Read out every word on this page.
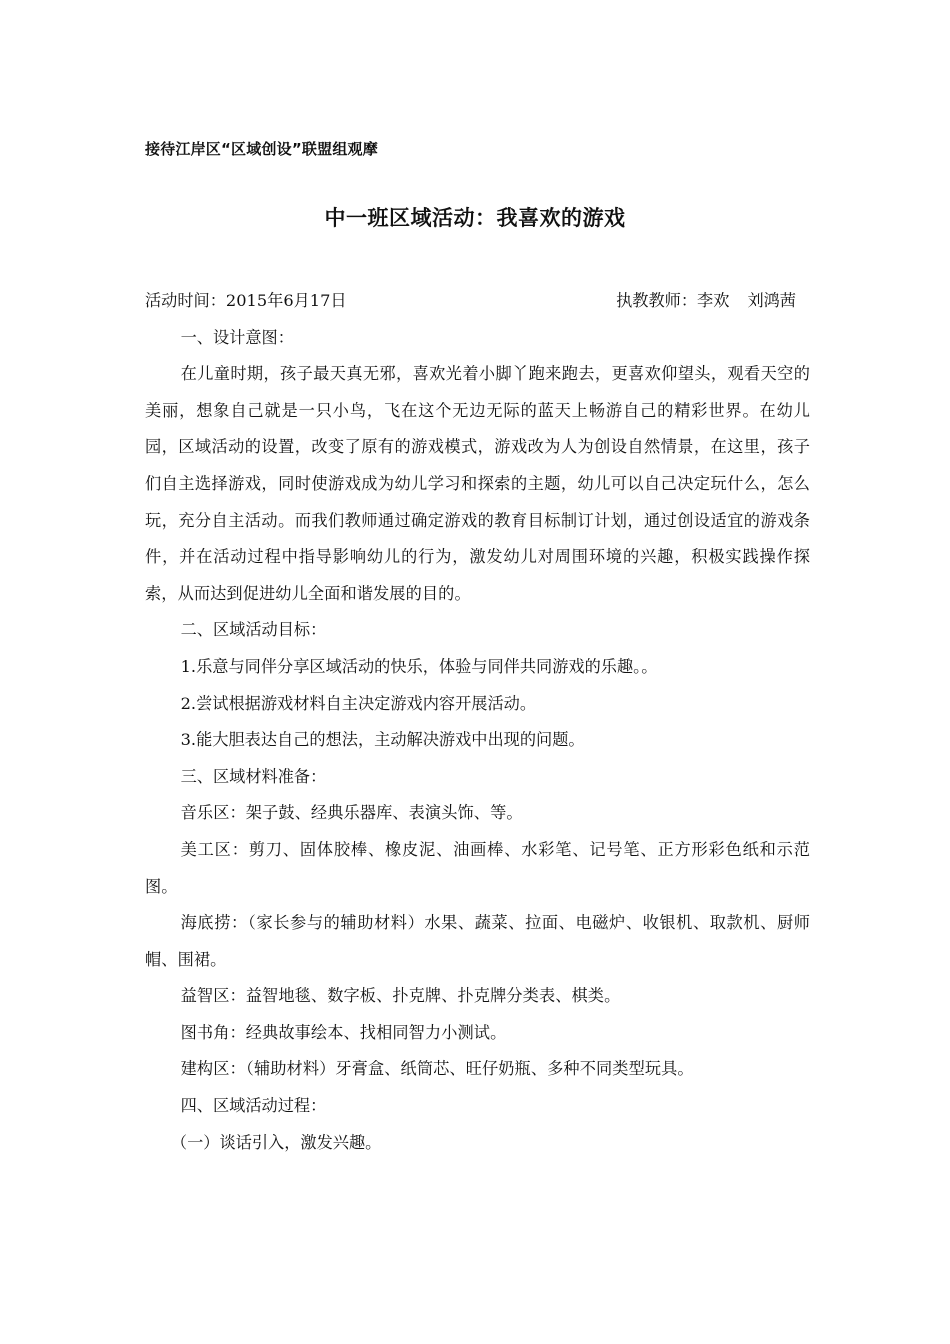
接待江岸区“区域创设”联盟组观摩
中一班区域活动：我喜欢的游戏
活动时间：2015年6月17日	执教教师：李欢 刘鸿茜

一、设计意图：

在儿童时期，孩子最天真无邪，喜欢光着小脚丫跑来跑去，更喜欢仰望头，观看天空的美丽，想象自己就是一只小鸟，飞在这个无边无际的蓝天上畅游自己的精彩世界。在幼儿园，区域活动的设置，改变了原有的游戏模式，游戏改为人为创设自然情景，在这里，孩子们自主选择游戏，同时使游戏成为幼儿学习和探索的主题，幼儿可以自己决定玩什么，怎么玩，充分自主活动。而我们教师通过确定游戏的教育目标制订计划，通过创设适宜的游戏条件，并在活动过程中指导影响幼儿的行为，激发幼儿对周围环境的兴趣，积极实践操作探索，从而达到促进幼儿全面和谐发展的目的。

二、区域活动目标：

1.乐意与同伴分享区域活动的快乐，体验与同伴共同游戏的乐趣。。

2.尝试根据游戏材料自主决定游戏内容开展活动。

3.能大胆表达自己的想法，主动解决游戏中出现的问题。

三、区域材料准备：

音乐区：架子鼓、经典乐器库、表演头饰、等。

美工区：剪刀、固体胶棒、橡皮泥、油画棒、水彩笔、记号笔、正方形彩色纸和示范图。

海底捞：（家长参与的辅助材料）水果、蔬菜、拉面、电磁炉、收银机、取款机、厨师帽、围裙。

益智区：益智地毯、数字板、扑克牌、扑克牌分类表、棋类。

图书角：经典故事绘本、找相同智力小测试。

建构区：（辅助材料）牙膏盒、纸筒芯、旺仔奶瓶、多种不同类型玩具。

四、区域活动过程：

（一）谈话引入，激发兴趣。
